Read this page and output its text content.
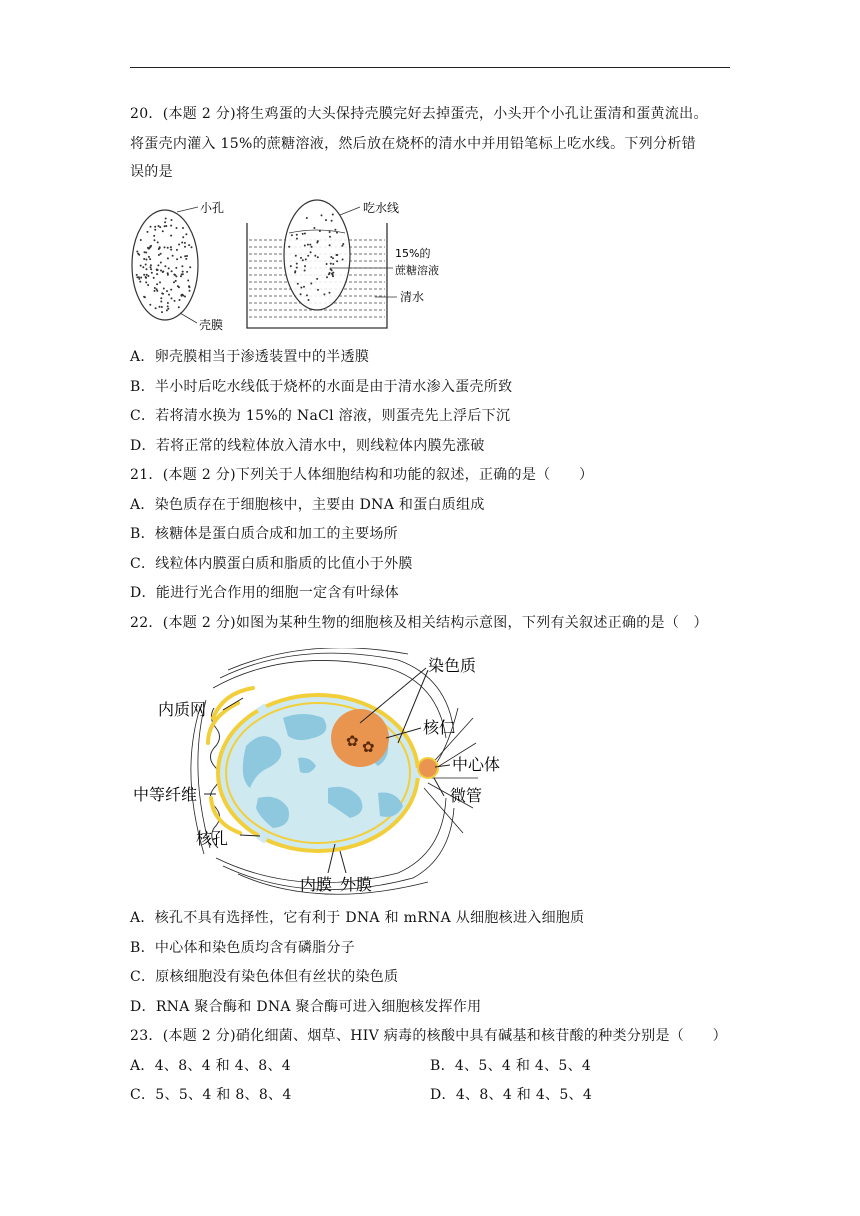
20．(本题 2 分)将生鸡蛋的大头保持壳膜完好去掉蛋壳，小头开个小孔让蛋清和蛋黄流出。
将蛋壳内灌入 15%的蔗糖溶液，然后放在烧杯的清水中并用铅笔标上吃水线。下列分析错
误的是
小孔
壳膜
吃水线
15%的
蔗糖溶液
清水
A．卵壳膜相当于渗透装置中的半透膜
B．半小时后吃水线低于烧杯的水面是由于清水渗入蛋壳所致
C．若将清水换为 15%的 NaCl 溶液，则蛋壳先上浮后下沉
D．若将正常的线粒体放入清水中，则线粒体内膜先涨破
21．(本题 2 分)下列关于人体细胞结构和功能的叙述，正确的是（　　）
A．染色质存在于细胞核中，主要由 DNA 和蛋白质组成
B．核糖体是蛋白质合成和加工的主要场所
C．线粒体内膜蛋白质和脂质的比值小于外膜
D．能进行光合作用的细胞一定含有叶绿体
22．(本题 2 分)如图为某种生物的细胞核及相关结构示意图，下列有关叙述正确的是（　）
✿ ✿
染色质
内质网
核仁
中心体
中等纤维	微管
核孔
内膜 外膜
A．核孔不具有选择性，它有利于 DNA 和 mRNA 从细胞核进入细胞质
B．中心体和染色质均含有磷脂分子
C．原核细胞没有染色体但有丝状的染色质
D．RNA 聚合酶和 DNA 聚合酶可进入细胞核发挥作用
23．(本题 2 分)硝化细菌、烟草、HIV 病毒的核酸中具有碱基和核苷酸的种类分别是（　　）
A．4、8、4 和 4、8、4	B．4、5、4 和 4、5、4
C．5、5、4 和 8、8、4	D．4、8、4 和 4、5、4
